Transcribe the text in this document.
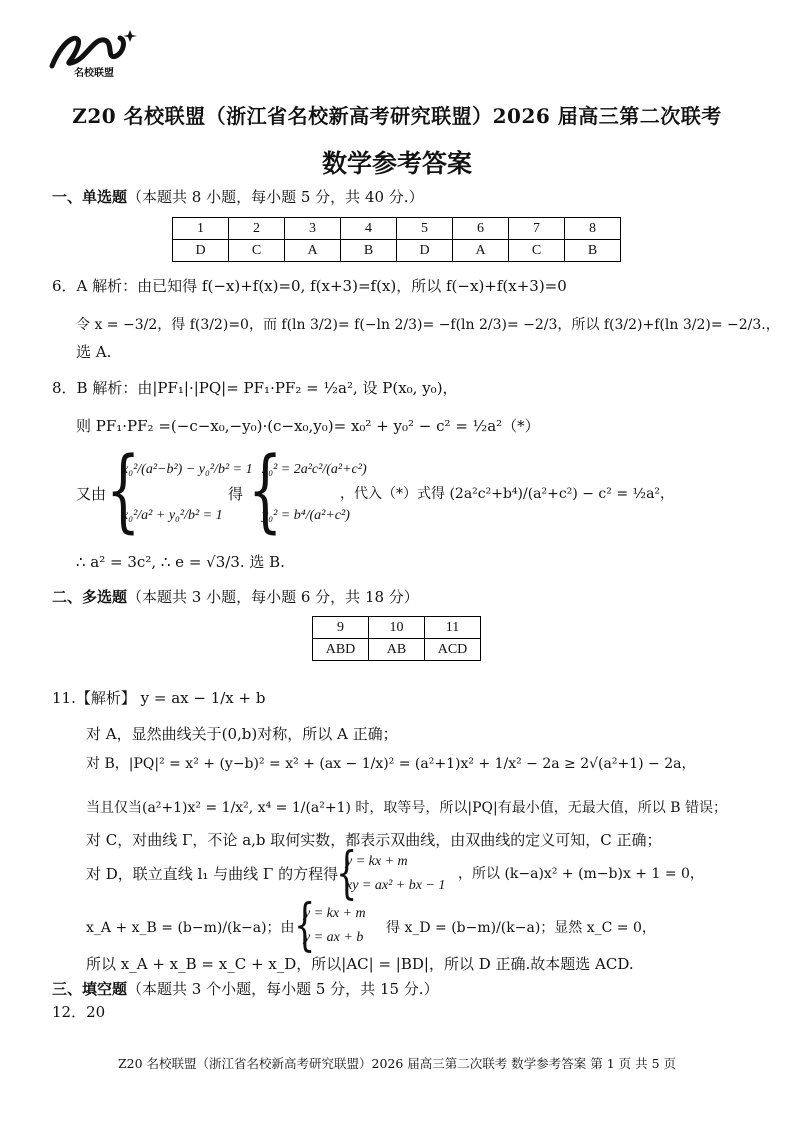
名校联盟
Z20 名校联盟（浙江省名校新高考研究联盟）2026 届高三第二次联考
数学参考答案
一、单选题（本题共 8 小题，每小题 5 分，共 40 分.）
1	2	3	4	5	6	7	8
D	C	A	B	D	A	C	B
6．A 解析：由已知得 f(−x)+f(x)=0, f(x+3)=f(x)，所以 f(−x)+f(x+3)=0
令 x = −3/2，得 f(3/2)=0，而 f(ln 3/2)= f(−ln 2/3)= −f(ln 2/3)= −2/3，所以 f(3/2)+f(ln 3/2)= −2/3.，
选 A.
8．B 解析：由|PF₁|·|PQ|= PF₁·PF₂ = ½a², 设 P(x₀, y₀)，
则 PF₁·PF₂ =(−c−x₀,−y₀)·(c−x₀,y₀)= x₀² + y₀² − c² = ½a²（*）
又由 {
x₀²/(a²−b²) − y₀²/b² = 1
x₀²/a² + y₀²/b² = 1
得 {
x₀² = 2a²c²/(a²+c²)
y₀² = b⁴/(a²+c²)
，代入（*）式得 (2a²c²+b⁴)/(a²+c²) − c² = ½a²，
∴ a² = 3c², ∴ e = √3/3. 选 B.
二、多选题（本题共 3 小题，每小题 6 分，共 18 分）
9	10	11
ABD	AB	ACD
11.【解析】 y = ax − 1/x + b
对 A，显然曲线关于(0,b)对称，所以 A 正确；
对 B，|PQ|² = x² + (y−b)² = x² + (ax − 1/x)² = (a²+1)x² + 1/x² − 2a ≥ 2√(a²+1) − 2a，
当且仅当(a²+1)x² = 1/x², x⁴ = 1/(a²+1) 时，取等号，所以|PQ|有最小值，无最大值，所以 B 错误；
对 C，对曲线 Γ，不论 a,b 取何实数，都表示双曲线，由双曲线的定义可知，C 正确；
对 D，联立直线 l₁ 与曲线 Γ 的方程得
{
y = kx + m
xy = ax² + bx − 1
，所以 (k−a)x² + (m−b)x + 1 = 0，
x_A + x_B = (b−m)/(k−a)；由 {
y = kx + m
y = ax + b
得 x_D = (b−m)/(k−a)；显然 x_C = 0，
所以 x_A + x_B = x_C + x_D，所以|AC| = |BD|，所以 D 正确.故本题选 ACD.
三、填空题（本题共 3 个小题，每小题 5 分，共 15 分.）
12．20
Z20 名校联盟（浙江省名校新高考研究联盟）2026 届高三第二次联考 数学参考答案 第 1 页 共 5 页
